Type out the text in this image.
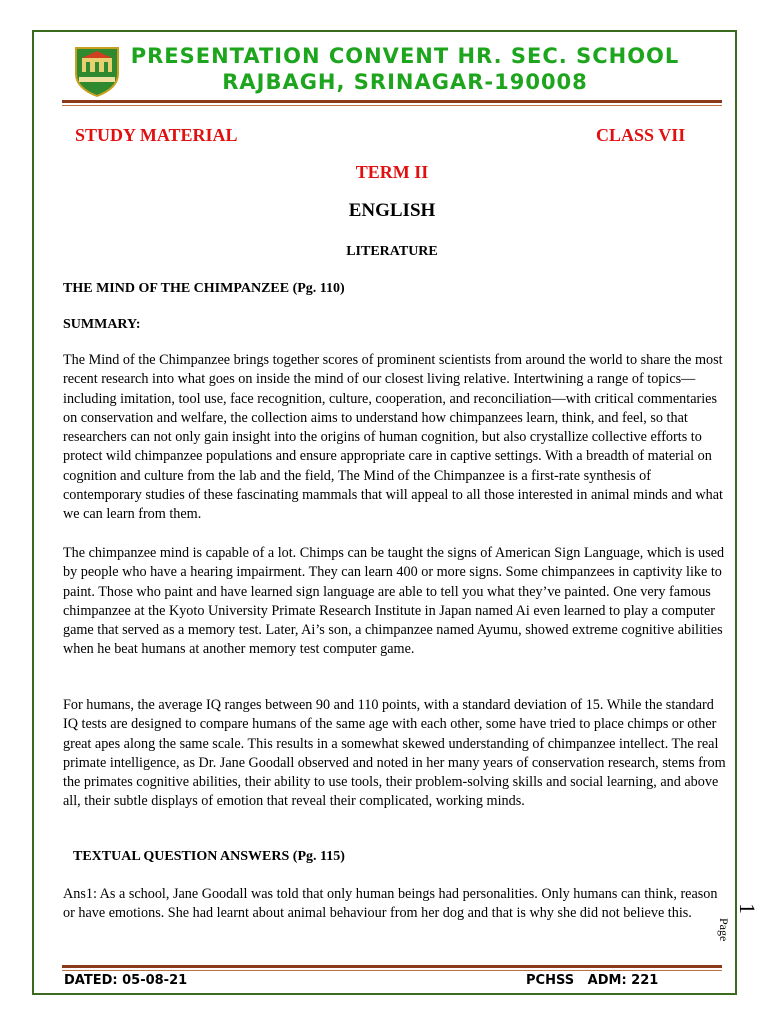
PRESENTATION CONVENT HR. SEC. SCHOOL
RAJBAGH, SRINAGAR-190008
STUDY MATERIAL	CLASS VII
TERM II
ENGLISH
LITERATURE
THE MIND OF THE CHIMPANZEE (Pg. 110)
SUMMARY:

The Mind of the Chimpanzee brings together scores of prominent scientists from around the world to share the most recent research into what goes on inside the mind of our closest living relative. Intertwining a range of topics—including imitation, tool use, face recognition, culture, cooperation, and reconciliation—with critical commentaries on conservation and welfare, the collection aims to understand how chimpanzees learn, think, and feel, so that researchers can not only gain insight into the origins of human cognition, but also crystallize collective efforts to protect wild chimpanzee populations and ensure appropriate care in captive settings. With a breadth of material on cognition and culture from the lab and the field, The Mind of the Chimpanzee is a first-rate synthesis of contemporary studies of these fascinating mammals that will appeal to all those interested in animal minds and what we can learn from them.

The chimpanzee mind is capable of a lot. Chimps can be taught the signs of American Sign Language, which is used by people who have a hearing impairment. They can learn 400 or more signs. Some chimpanzees in captivity like to paint. Those who paint and have learned sign language are able to tell you what they’ve painted. One very famous chimpanzee at the Kyoto University Primate Research Institute in Japan named Ai even learned to play a computer game that served as a memory test. Later, Ai’s son, a chimpanzee named Ayumu, showed extreme cognitive abilities when he beat humans at another memory test computer game.

For humans, the average IQ ranges between 90 and 110 points, with a standard deviation of 15. While the standard IQ tests are designed to compare humans of the same age with each other, some have tried to place chimps or other great apes along the same scale. This results in a somewhat skewed understanding of chimpanzee intellect. The real primate intelligence, as Dr. Jane Goodall observed and noted in her many years of conservation research, stems from the primates cognitive abilities, their ability to use tools, their problem-solving skills and social learning, and above all, their subtle displays of emotion that reveal their complicated, working minds.

TEXTUAL QUESTION ANSWERS (Pg. 115)

Ans1: As a school, Jane Goodall was told that only human beings had personalities. Only humans can think, reason or have emotions. She had learnt about animal behaviour from her dog and that is why she did not believe this.

Page
1
DATED: 05-08-21	PCHSS   ADM: 221
